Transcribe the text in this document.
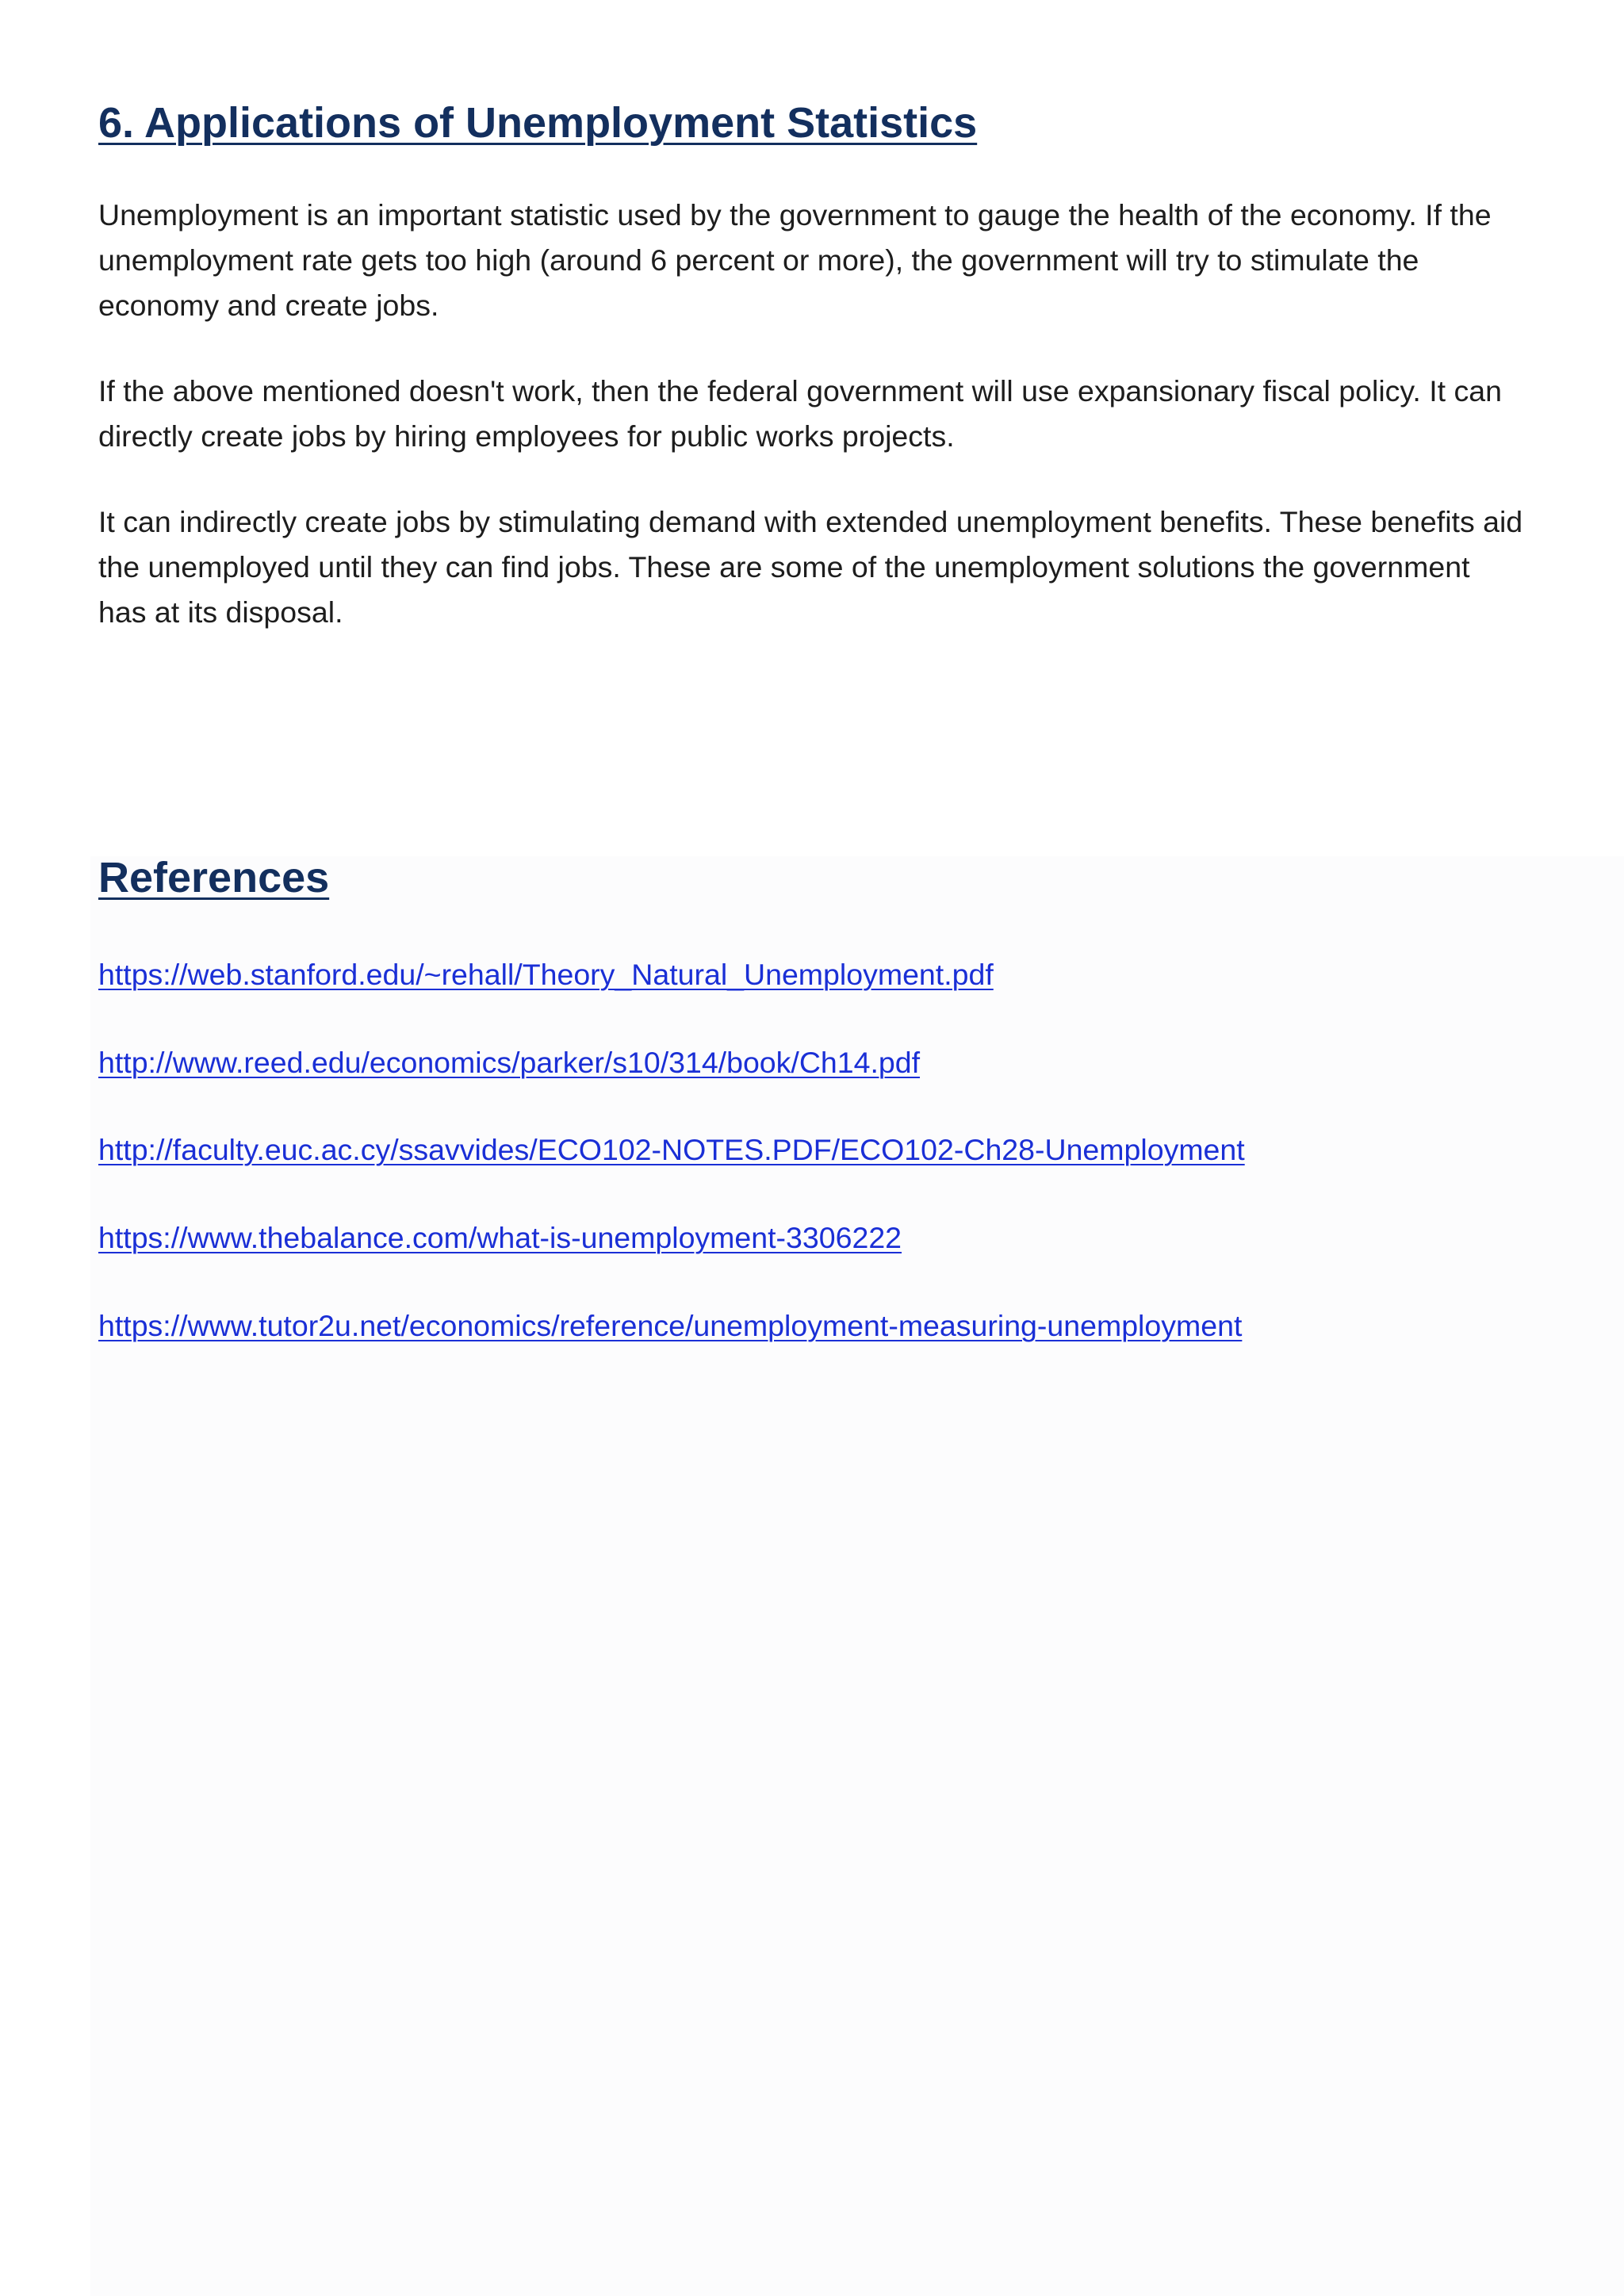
6. Applications of Unemployment Statistics

Unemployment is an important statistic used by the government to gauge the health of the economy. If the unemployment rate gets too high (around 6 percent or more), the government will try to stimulate the economy and create jobs.

If the above mentioned doesn't work, then the federal government will use expansionary fiscal policy. It can directly create jobs by hiring employees for public works projects.

It can indirectly create jobs by stimulating demand with extended unemployment benefits. These benefits aid the unemployed until they can find jobs. These are some of the unemployment solutions the government has at its disposal.

References
https://web.stanford.edu/~rehall/Theory_Natural_Unemployment.pdf
http://www.reed.edu/economics/parker/s10/314/book/Ch14.pdf
http://faculty.euc.ac.cy/ssavvides/ECO102-NOTES.PDF/ECO102-Ch28-Unemployment
https://www.thebalance.com/what-is-unemployment-3306222
https://www.tutor2u.net/economics/reference/unemployment-measuring-unemployment
